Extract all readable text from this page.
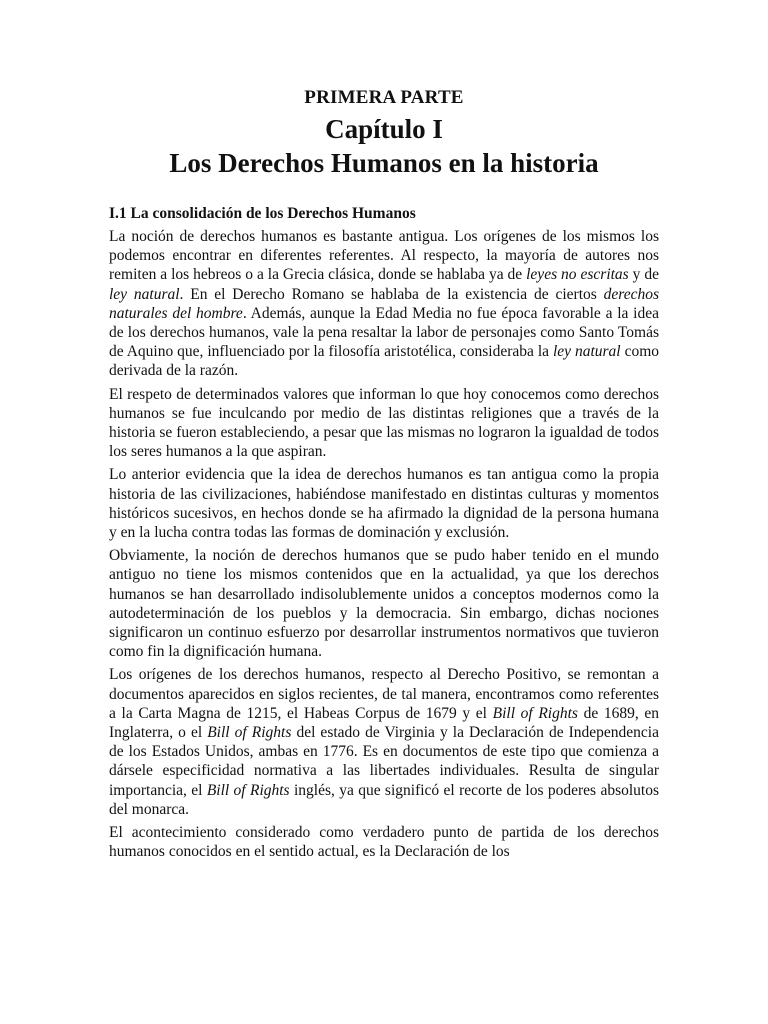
PRIMERA PARTE
Capítulo I
Los Derechos Humanos en la historia
I.1 La consolidación de los Derechos Humanos

La noción de derechos humanos es bastante antigua. Los orígenes de los mismos los podemos encontrar en diferentes referentes. Al respecto, la mayoría de autores nos remiten a los hebreos o a la Grecia clásica, donde se hablaba ya de leyes no escritas y de ley natural. En el Derecho Romano se hablaba de la existencia de ciertos derechos naturales del hombre. Además, aunque la Edad Media no fue época favorable a la idea de los derechos humanos, vale la pena resaltar la labor de personajes como Santo Tomás de Aquino que, influenciado por la filosofía aristotélica, consideraba la ley natural como derivada de la razón.

El respeto de determinados valores que informan lo que hoy conocemos como derechos humanos se fue inculcando por medio de las distintas religiones que a través de la historia se fueron estableciendo, a pesar que las mismas no lograron la igualdad de todos los seres humanos a la que aspiran.

Lo anterior evidencia que la idea de derechos humanos es tan antigua como la propia historia de las civilizaciones, habiéndose manifestado en distintas culturas y momentos históricos sucesivos, en hechos donde se ha afirmado la dignidad de la persona humana y en la lucha contra todas las formas de dominación y exclusión.

Obviamente, la noción de derechos humanos que se pudo haber tenido en el mundo antiguo no tiene los mismos contenidos que en la actualidad, ya que los derechos humanos se han desarrollado indisolublemente unidos a conceptos modernos como la autodeterminación de los pueblos y la democracia. Sin embargo, dichas nociones significaron un continuo esfuerzo por desarrollar instrumentos normativos que tuvieron como fin la dignificación humana.

Los orígenes de los derechos humanos, respecto al Derecho Positivo, se remontan a documentos aparecidos en siglos recientes, de tal manera, encontramos como referentes a la Carta Magna de 1215, el Habeas Corpus de 1679 y el Bill of Rights de 1689, en Inglaterra, o el Bill of Rights del estado de Virginia y la Declaración de Independencia de los Estados Unidos, ambas en 1776. Es en documentos de este tipo que comienza a dársele especificidad normativa a las libertades individuales. Resulta de singular importancia, el Bill of Rights inglés, ya que significó el recorte de los poderes absolutos del monarca.

El acontecimiento considerado como verdadero punto de partida de los derechos humanos conocidos en el sentido actual, es la Declaración de los
